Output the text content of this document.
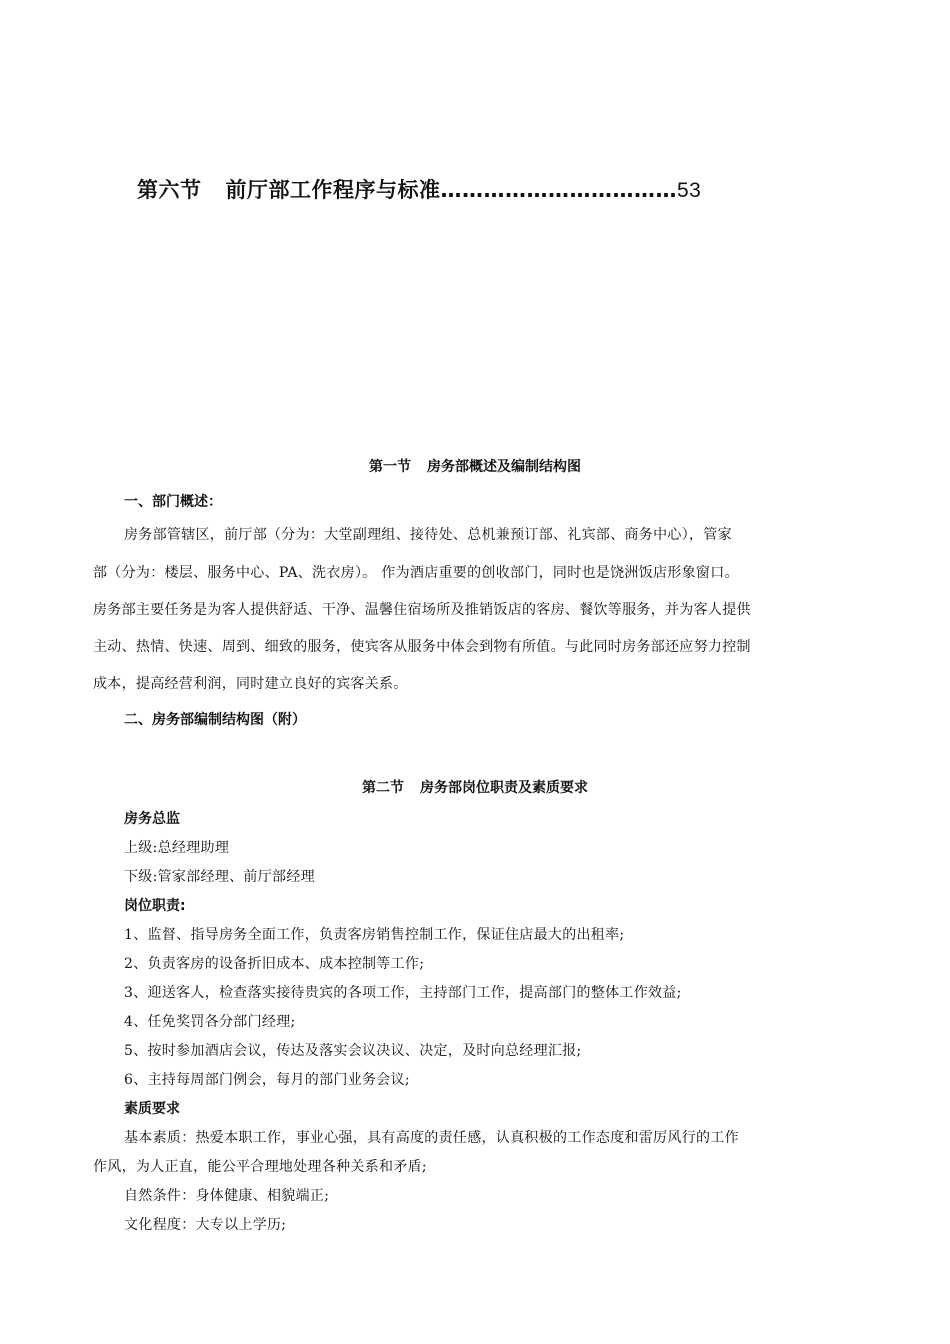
第六节 前厅部工作程序与标准……………………………53
第一节 房务部概述及编制结构图
一、部门概述：
房务部管辖区，前厅部（分为：大堂副理组、接待处、总机兼预订部、礼宾部、商务中心），管家
部（分为：楼层、服务中心、PA、洗衣房）。 作为酒店重要的创收部门，同时也是饶洲饭店形象窗口。
房务部主要任务是为客人提供舒适、干净、温馨住宿场所及推销饭店的客房、餐饮等服务，并为客人提供
主动、热情、快速、周到、细致的服务，使宾客从服务中体会到物有所值。与此同时房务部还应努力控制
成本，提高经营利润，同时建立良好的宾客关系。
二、房务部编制结构图（附）
第二节 房务部岗位职责及素质要求
房务总监
上级:总经理助理
下级:管家部经理、前厅部经理
岗位职责:
1、监督、指导房务全面工作，负责客房销售控制工作，保证住店最大的出租率;
2、负责客房的设备折旧成本、成本控制等工作;
3、迎送客人，检查落实接待贵宾的各项工作，主持部门工作，提高部门的整体工作效益;
4、任免奖罚各分部门经理;
5、按时参加酒店会议，传达及落实会议决议、决定，及时向总经理汇报;
6、主持每周部门例会，每月的部门业务会议;
素质要求
基本素质：热爱本职工作，事业心强，具有高度的责任感，认真积极的工作态度和雷厉风行的工作
作风，为人正直，能公平合理地处理各种关系和矛盾;
自然条件：身体健康、相貌端正;
文化程度：大专以上学历;
